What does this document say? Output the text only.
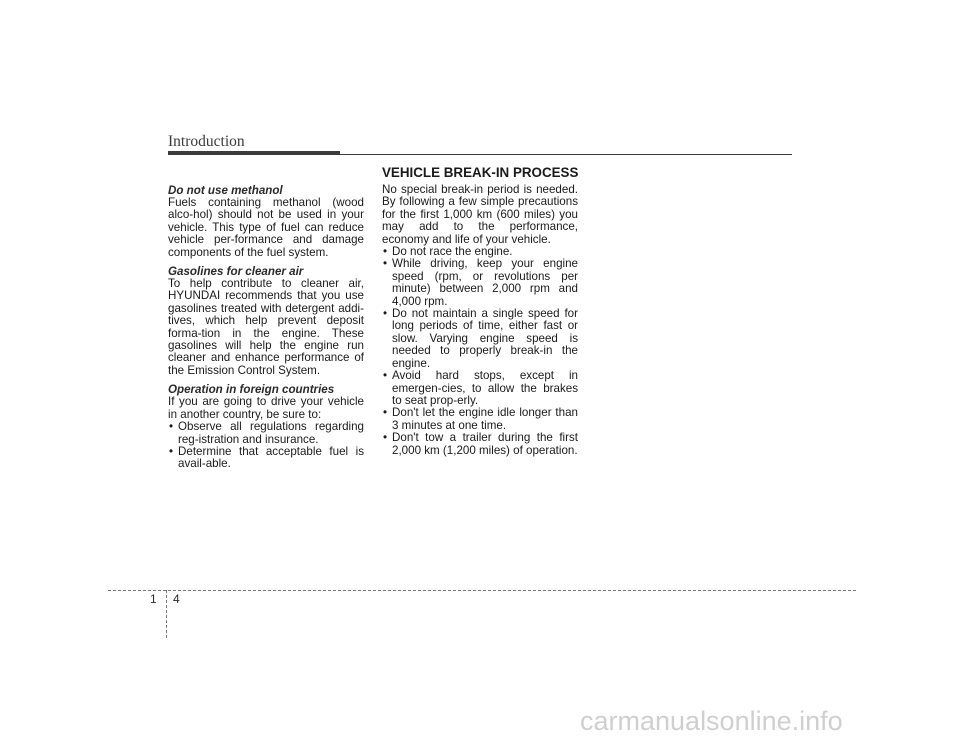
Introduction
Do not use methanol

Fuels containing methanol (wood alco-hol) should not be used in your vehicle. This type of fuel can reduce vehicle per-formance and damage components of the fuel system.

Gasolines for cleaner air

To help contribute to cleaner air, HYUNDAI recommends that you use gasolines treated with detergent addi-tives, which help prevent deposit forma-tion in the engine. These gasolines will help the engine run cleaner and enhance performance of the Emission Control System.

Operation in foreign countries

If you are going to drive your vehicle in another country, be sure to:

• Observe all regulations regarding reg-istration and insurance.
• Determine that acceptable fuel is avail-able.
VEHICLE BREAK-IN PROCESS

No special break-in period is needed. By following a few simple precautions for the first 1,000 km (600 miles) you may add to the performance, economy and life of your vehicle.

• Do not race the engine.
• While driving, keep your engine speed (rpm, or revolutions per minute) between 2,000 rpm and 4,000 rpm.
• Do not maintain a single speed for long periods of time, either fast or slow. Varying engine speed is needed to properly break-in the engine.
• Avoid hard stops, except in emergen-cies, to allow the brakes to seat prop-erly.
• Don't let the engine idle longer than 3 minutes at one time.
• Don't tow a trailer during the first 2,000 km (1,200 miles) of operation.
1 4
carmanualsonline.info
